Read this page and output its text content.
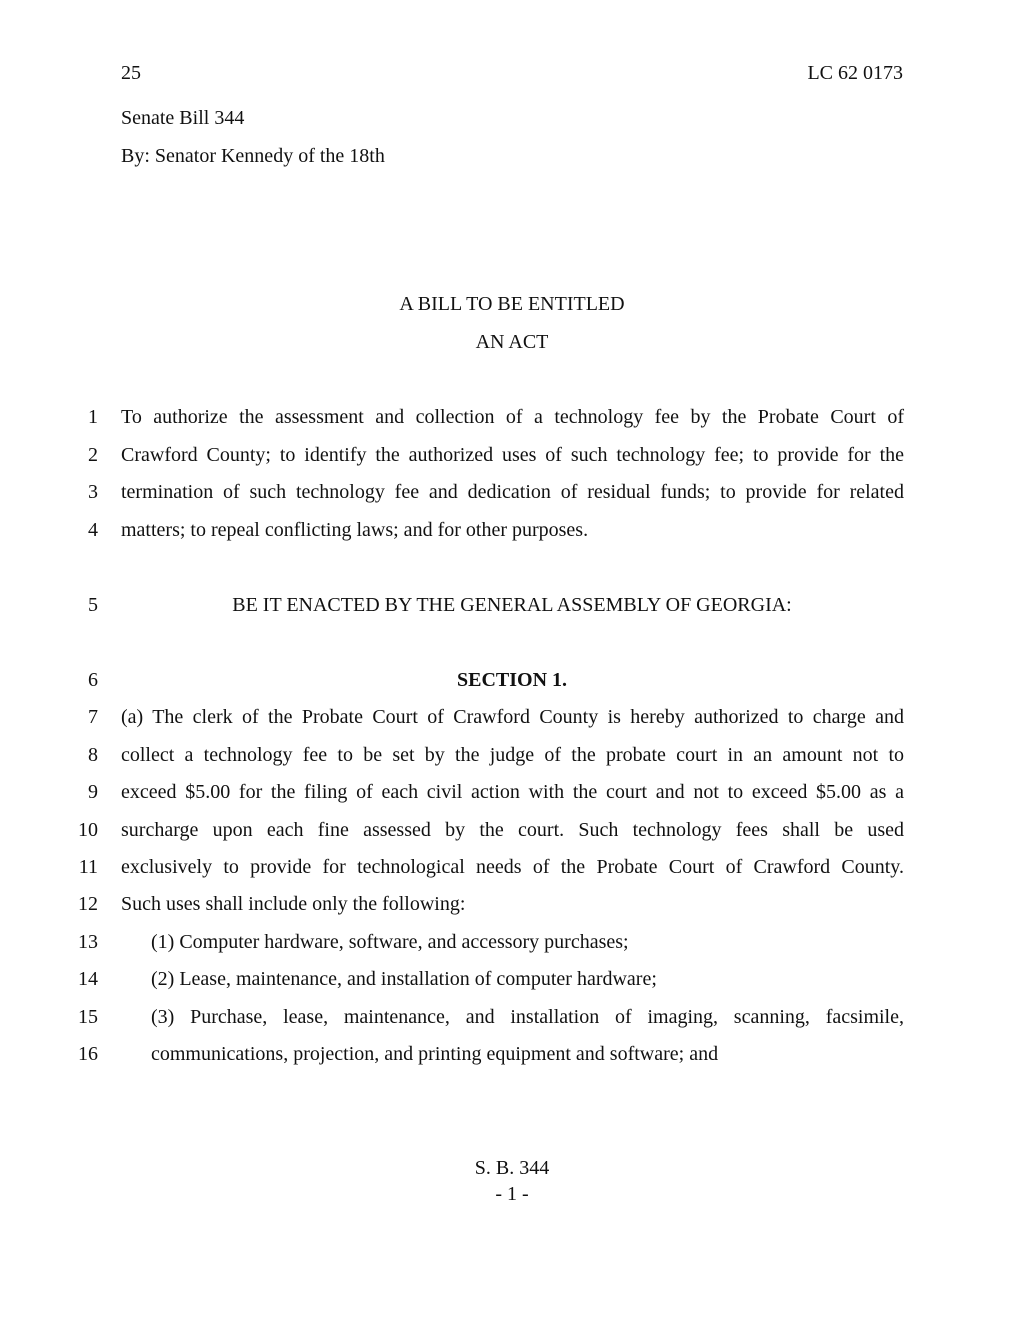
25	LC 62 0173
Senate Bill 344
By: Senator Kennedy of the 18th
A BILL TO BE ENTITLED
AN ACT
1 To authorize the assessment and collection of a technology fee by the Probate Court of
2 Crawford County; to identify the authorized uses of such technology fee; to provide for the
3 termination of such technology fee and dedication of residual funds; to provide for related
4 matters; to repeal conflicting laws; and for other purposes.
5	BE IT ENACTED BY THE GENERAL ASSEMBLY OF GEORGIA:
6	SECTION 1.
7 (a) The clerk of the Probate Court of Crawford County is hereby authorized to charge and
8 collect a technology fee to be set by the judge of the probate court in an amount not to
9 exceed $5.00 for the filing of each civil action with the court and not to exceed $5.00 as a
10 surcharge upon each fine assessed by the court. Such technology fees shall be used
11 exclusively to provide for technological needs of the Probate Court of Crawford County.
12 Such uses shall include only the following:
13	(1) Computer hardware, software, and accessory purchases;
14	(2) Lease, maintenance, and installation of computer hardware;
15	(3) Purchase, lease, maintenance, and installation of imaging, scanning, facsimile,
16	communications, projection, and printing equipment and software; and
S. B. 344
- 1 -
